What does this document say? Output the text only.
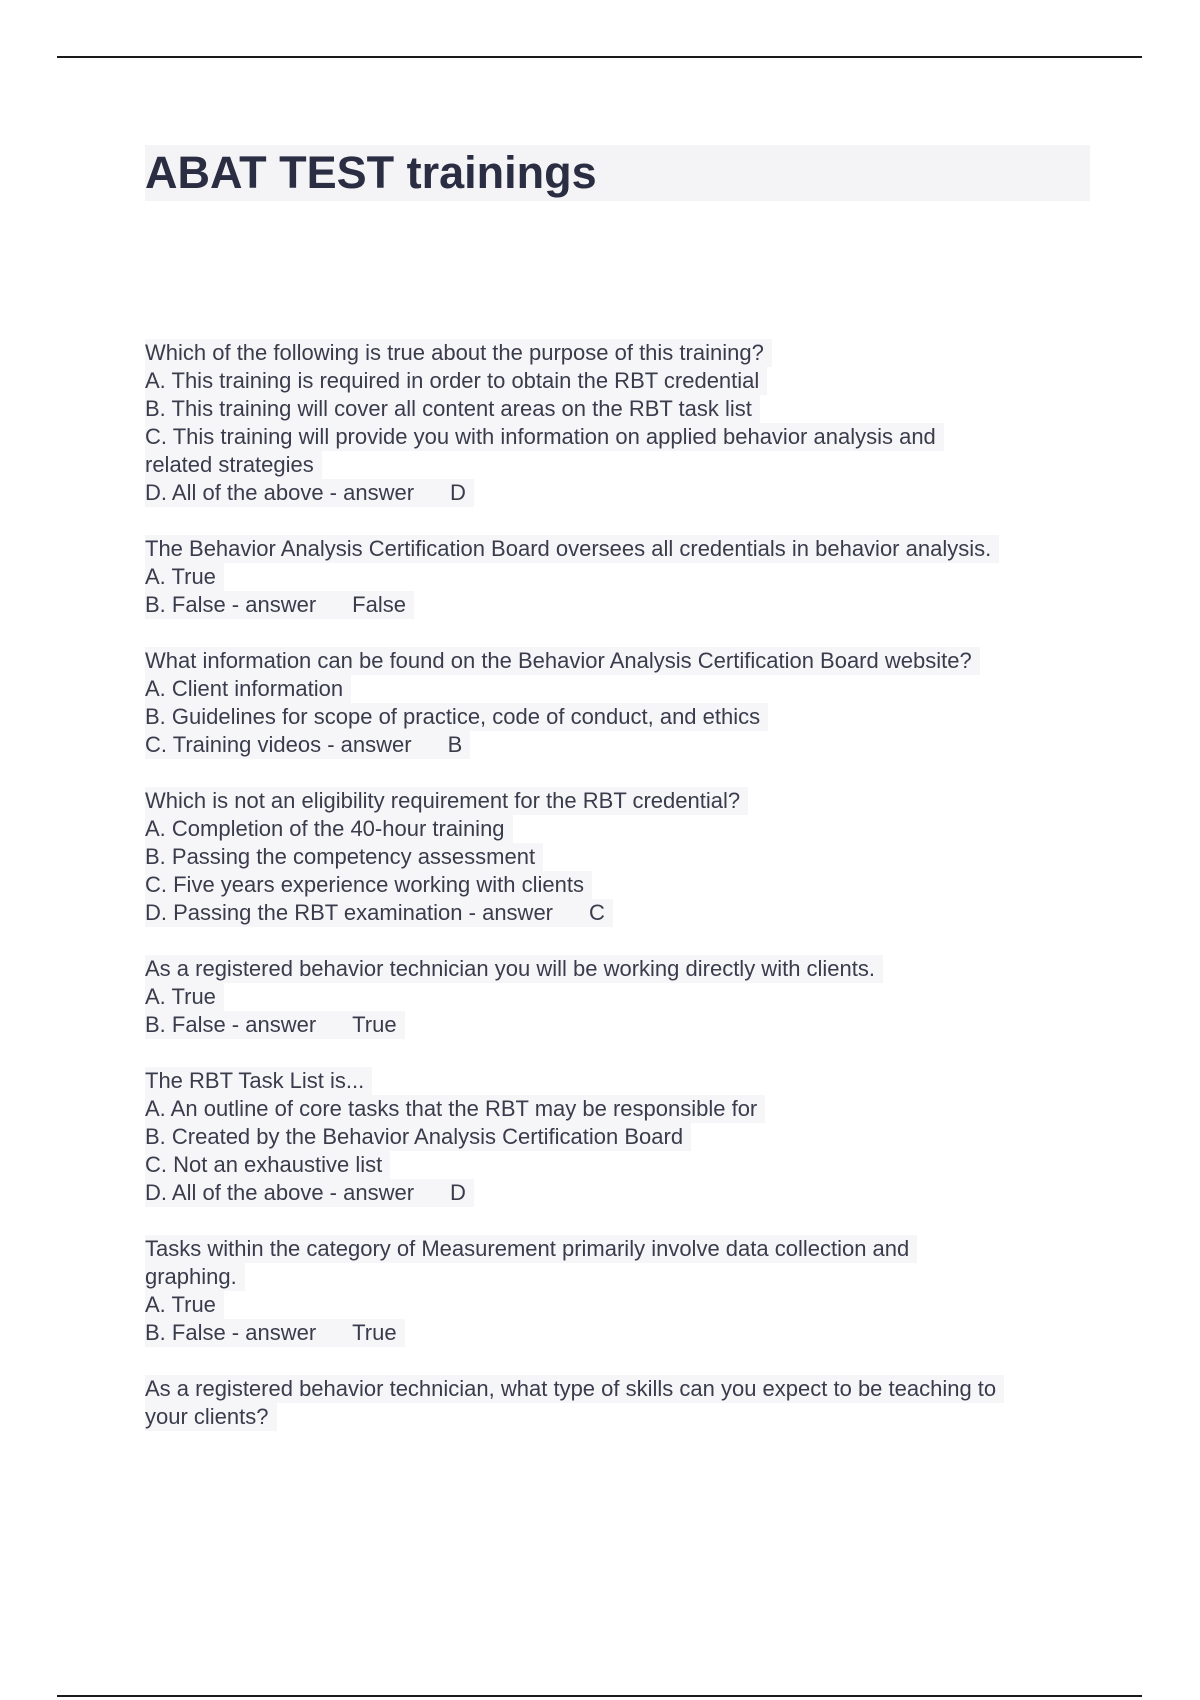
ABAT TEST trainings
Which of the following is true about the purpose of this training?
A. This training is required in order to obtain the RBT credential
B. This training will cover all content areas on the RBT task list
C. This training will provide you with information on applied behavior analysis and
related strategies
D. All of the above - answer D
The Behavior Analysis Certification Board oversees all credentials in behavior analysis.
A. True
B. False - answer False
What information can be found on the Behavior Analysis Certification Board website?
A. Client information
B. Guidelines for scope of practice, code of conduct, and ethics
C. Training videos - answer B
Which is not an eligibility requirement for the RBT credential?
A. Completion of the 40-hour training
B. Passing the competency assessment
C. Five years experience working with clients
D. Passing the RBT examination - answer C
As a registered behavior technician you will be working directly with clients.
A. True
B. False - answer True
The RBT Task List is...
A. An outline of core tasks that the RBT may be responsible for
B. Created by the Behavior Analysis Certification Board
C. Not an exhaustive list
D. All of the above - answer D
Tasks within the category of Measurement primarily involve data collection and
graphing.
A. True
B. False - answer True
As a registered behavior technician, what type of skills can you expect to be teaching to
your clients?
